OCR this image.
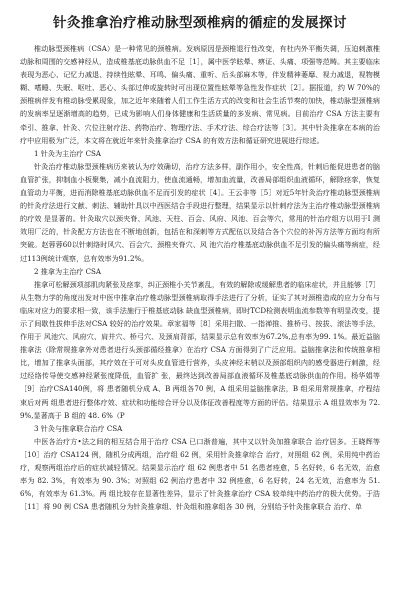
针灸推拿治疗椎动脉型颈椎病的循症的发展探讨

椎动脉型颈椎病（CSA）是一种常见的颈椎病。发病原因是颈椎退行性改变，有杜内外平衡失调，压迫刺激椎动脉和周围的交感神经从，造成椎基底动脉供血不足［1］，属中医学眩晕、痹证、头痛、项强等范畴。其主要临床表现为恶心、记忆力减退、持续性眩晕、耳鸣、偏头痛、重听、后头部麻木等，伴发精神萎靡、视力减退，视物模糊、嗜睡、失眠、呕吐、恶心、头部过伸或旋转时可出现位置性眩晕等急性发作症状［2］。据报道，约 W 70%的颈椎病伴发有椎动脉受累现象，加之近年来随着人们工作生活方式的改变和社会生活节奏的加快，椎动脉型颈椎病的发病率呈逐渐增高的趋势，已成为影响人们身体健康和生活质量的多发病、常见病。目前治疗 CSA 方法主要有牵引、推拿、针灸、穴位注射疗法、药物治疗、物理疗法、手术疗法、综合疗法等［3］。其中针灸推拿在本病的治疗中应用极为广泛，本文将在就近年来针灸推拿治疗 CSA 的有效方法和循证研究进展进行综述。

1 针灸为主治疗 CSA

针灸治疗椎动脉型颈椎病历来被认为疗效确切，治疗方法多样，副作用小，安全性高，针刺后能促进患者的脑血管扩张，抑制血小板聚集，减小血流阻力，使血流通畅，增加血流量，改善局部组织血液循环，解除痉挛，恢复血管动力平衡，进而消除椎基底动脉供血不足而引发的症状［4］。王云非等［5］对近5年针灸治疗椎动脉型颈椎病的针灸疗法进行文献、刺法、辅助针具以中西医结合手段进行整理，结果显示以针刺疗法为主治疗椎动脉型颈椎病的疗效 是显著的。针灸取穴以颈夹脊、风池、天柱、百会、风府、风池、百会等穴，常用的针治疗组方以用于Ⅰ 测效用厂泛的，针灸配方方法也在不断地创新，包括在和深刺等方式配伍以及结合各个穴位的补泻方法等方面均有所突破。赵蓉蓉60以针刺络时风穴、百会穴、颈椎夹脊穴、风 池穴治疗椎基底动脉供血不足引发的偏头痛等病症，经过113例统计观察，总有效率为91.2%。

2 推拿为主治疗 CSA

推拿可松解颈项部肌肉紧张及痉挛，纠正颈椎小关节紊乱，有效的解除或缓解患者的临床症状，并且能够［7］从生物力学的角度出发对中医中推拿治疗椎动脉型颈椎病取得手法进行了分析，证实了其对颈椎造成的应力分布与临床对应力的要求相一致，该手法施行于椎基底动脉 缺血型颈椎病，即时TCD检测表明血流参数等有明显改变，提示了间歇性拔伸手法对CSA 较好的治疗效果。章家福等［8］采用扫散、一指禅推、推桥弓、按拔、滚法等手法，作用于 风池穴、风府穴、肩井穴、桥弓穴、及颈肩背部，结果显示总有效率为67.2%,总有率为99. 1%。最近益脑推拿法（除常规推拿外对患者进行头颈部循经推拿）在治疗 CSA 方面得到了广泛应用。益脑推拿法和传统推拿相比，增加了推拿头面部，其疗效在于可对头皮血管进行营养，头皮神经末梢以及颈部组织内的感受器进行刺激，经过经络传导使交感神经紧张度降低，血管扩 张，最终达到改善局部血液循环及椎基底动脉供血的作用。杨华娟等［9］治疗CSA140例，将 患者随机分成 A、B 两组各70 例，A 组采用益脑推拿法，B 组采用常规推拿，疗程结束后对两 组患者进行整体疗效、症状和功能综合评分以及体征改善程度等方面的评估。结果显示 A 组显效率为 72. 9%,显著高于 B 组的 48. 6%（P

3 针灸与推拿联合治疗 CSA

中医各治疗方•法之间的相互结合用于治疗 CSA 已口渐普遍，其中又以针灸加推拿联合 治疗居多。王晓辉等［10］治疗 CSA124 例，随机分成两组，治疗组 62 例，采用针灸推拿综合 治疗，对照组 62 例，采用纯中药治疗，观察两组治疗后的症状减轻情况。结果显示治疗 组 62 例患者中 51 名患者痊愈，5 名好转，6 名无效，治愈率为 82. 3%，有效率为 90. 3%；对照组 62 例治疗患者中 32 例痊愈，6 名好转，24 名无效，治愈率为 51. 6%，有效率为 61.3%。两 组比较存在显著性差异，显示了针灸推拿治疗 CSA 较单纯中药治疗的极大优势。于浩［11］将 90 例 CSA 患者随机分为针灸推拿组、针灸组和推拿组各 30 例，分别给予针灸推拿联合 治疗、单
